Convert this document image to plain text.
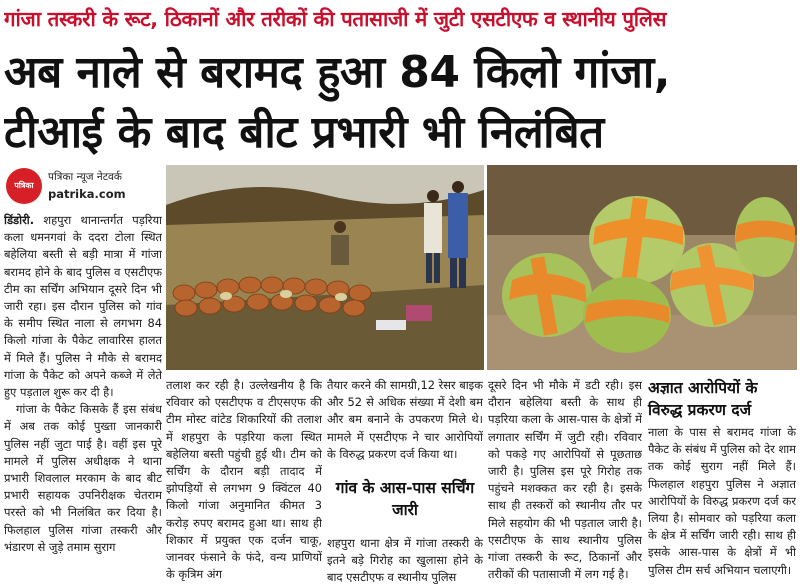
गांजा तस्करी के रूट, ठिकानों और तरीकों की पतासाजी में जुटी एसटीएफ व स्थानीय पुलिस
अब नाले से बरामद हुआ 84 किलो गांजा,
टीआई के बाद बीट प्रभारी भी निलंबित
पत्रिका
पत्रिका न्यूज नेटवर्क
patrika.com

डिंडोरी. शहपुरा थानान्तर्गत पड़रिया कला धमनगवां के ददरा टोला स्थित बहेलिया बस्ती से बड़ी मात्रा में गांजा बरामद होने के बाद पुलिस व एसटीएफ टीम का सर्चिंग अभियान दूसरे दिन भी जारी रहा। इस दौरान पुलिस को गांव के समीप स्थित नाला से लगभग 84 किलो गांजा के पैकेट लावारिस हालत में मिले हैं। पुलिस ने मौके से बरामद गांजा के पैकेट को अपने कब्जे में लेते हुए पड़ताल शुरू कर दी है।

गांजा के पैकेट किसके हैं इस संबंध में अब तक कोई पुख्ता जानकारी पुलिस नहीं जुटा पाई है। वहीं इस पूरे मामले में पुलिस अधीक्षक ने थाना प्रभारी शिवलाल मरकाम के बाद बीट प्रभारी सहायक उपनिरीक्षक चेतराम परस्ते को भी निलंबित कर दिया है। फिलहाल पुलिस गांजा तस्करी और भंडारण से जुड़े तमाम सुराग

तलाश कर रही है। उल्लेखनीय है कि रविवार को एसटीएफ व टीएसएफ की टीम मोस्ट वांटेड शिकारियों की तलाश में शहपुरा के पड़रिया कला स्थित बहेलिया बस्ती पहुंची हुई थी। टीम को सर्चिंग के दौरान बड़ी तादाद में झोपड़ियों से लगभग 9 क्विंटल 40 किलो गांजा अनुमानित कीमत 3 करोड़ रुपए बरामद हुआ था। साथ ही शिकार में प्रयुक्त एक दर्जन चाकू, जानवर फंसाने के फंदे, वन्य प्राणियों के कृत्रिम अंग

तैयार करने की सामग्री,12 रेसर बाइक और 52 से अधिक संख्या में देशी बम और बम बनाने के उपकरण मिले थे। मामले में एसटीएफ ने चार आरोपियों के विरुद्ध प्रकरण दर्ज किया था।

गांव के आस-पास सर्चिंग जारी

शहपुरा थाना क्षेत्र में गांजा तस्करी के इतने बड़े गिरोह का खुलासा होने के बाद एसटीएफ व स्थानीय पुलिस

दूसरे दिन भी मौके में डटी रही। इस दौरान बहेलिया बस्ती के साथ ही पड़रिया कला के आस-पास के क्षेत्रों में लगातार सर्चिंग में जुटी रही। रविवार को पकड़े गए आरोपियों से पूछताछ जारी है। पुलिस इस पूरे गिरोह तक पहुंचने मशक्कत कर रही है। इसके साथ ही तस्करों को स्थानीय तौर पर मिले सहयोग की भी पड़ताल जारी है। एसटीएफ के साथ स्थानीय पुलिस गांजा तस्करी के रूट, ठिकानों और तरीकों की पतासाजी में लग गई है।

अज्ञात आरोपियों के विरुद्ध प्रकरण दर्ज

नाला के पास से बरामद गांजा के पैकेट के संबंध में पुलिस को देर शाम तक कोई सुराग नहीं मिले हैं। फिलहाल शहपुरा पुलिस ने अज्ञात आरोपियों के विरुद्ध प्रकरण दर्ज कर लिया है। सोमवार को पड़रिया कला के क्षेत्र में सर्चिंग जारी रही। साथ ही इसके आस-पास के क्षेत्रों में भी पुलिस टीम सर्च अभियान चलाएगी।
